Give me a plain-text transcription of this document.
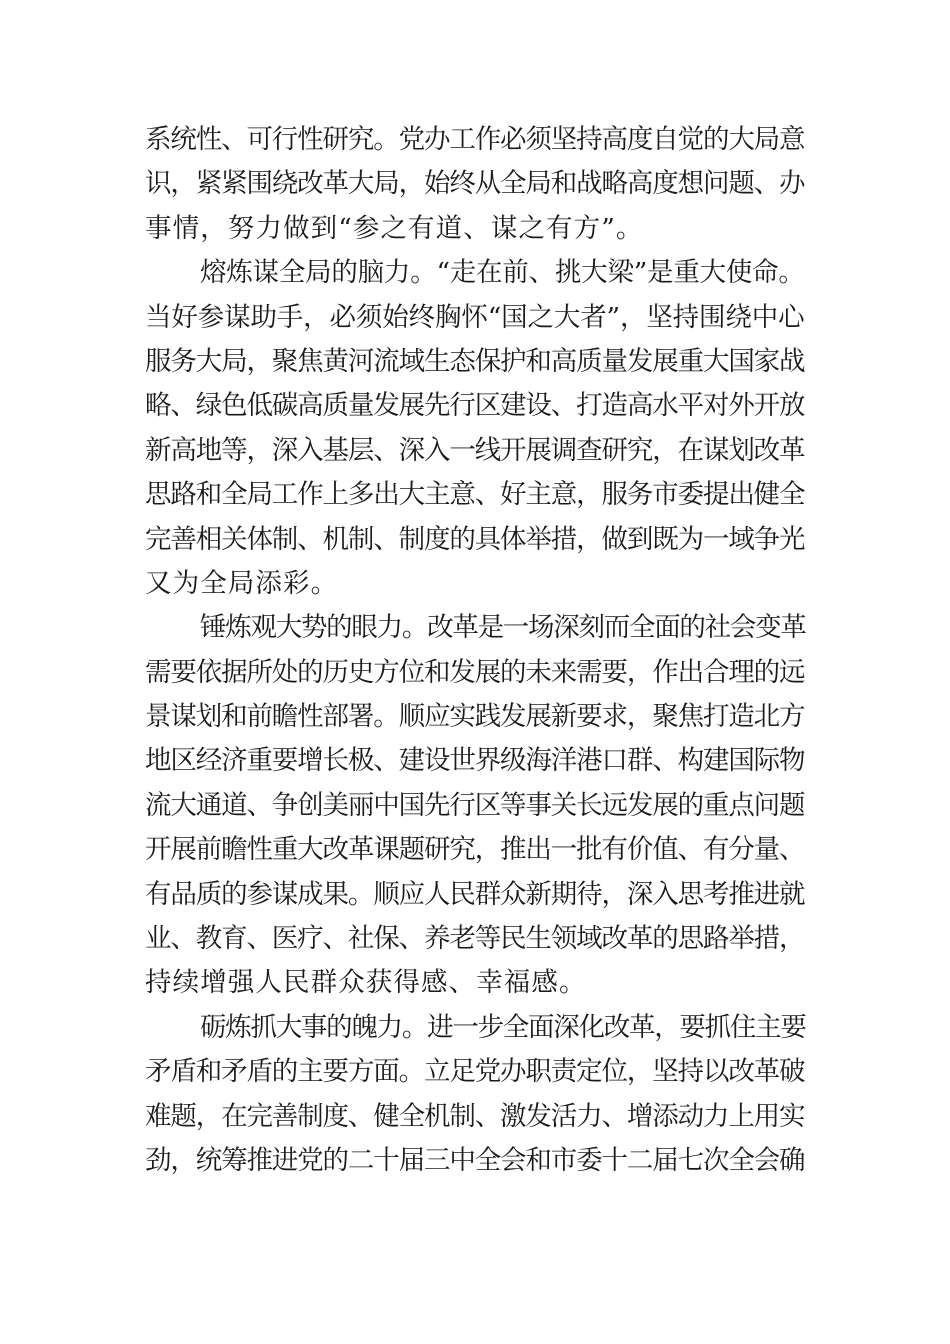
系统性、可行性研究。党办工作必须坚持高度自觉的大局意
识，紧紧围绕改革大局，始终从全局和战略高度想问题、办
事情，努力做到“参之有道、谋之有方”。
熔炼谋全局的脑力。“走在前、挑大梁”是重大使命。
当好参谋助手，必须始终胸怀“国之大者”，坚持围绕中心
服务大局，聚焦黄河流域生态保护和高质量发展重大国家战
略、绿色低碳高质量发展先行区建设、打造高水平对外开放
新高地等，深入基层、深入一线开展调查研究，在谋划改革
思路和全局工作上多出大主意、好主意，服务市委提出健全
完善相关体制、机制、制度的具体举措，做到既为一域争光
又为全局添彩。
锤炼观大势的眼力。改革是一场深刻而全面的社会变革
需要依据所处的历史方位和发展的未来需要，作出合理的远
景谋划和前瞻性部署。顺应实践发展新要求，聚焦打造北方
地区经济重要增长极、建设世界级海洋港口群、构建国际物
流大通道、争创美丽中国先行区等事关长远发展的重点问题
开展前瞻性重大改革课题研究，推出一批有价值、有分量、
有品质的参谋成果。顺应人民群众新期待，深入思考推进就
业、教育、医疗、社保、养老等民生领域改革的思路举措，
持续增强人民群众获得感、幸福感。
砺炼抓大事的魄力。进一步全面深化改革，要抓住主要
矛盾和矛盾的主要方面。立足党办职责定位，坚持以改革破
难题，在完善制度、健全机制、激发活力、增添动力上用实
劲，统筹推进党的二十届三中全会和市委十二届七次全会确
